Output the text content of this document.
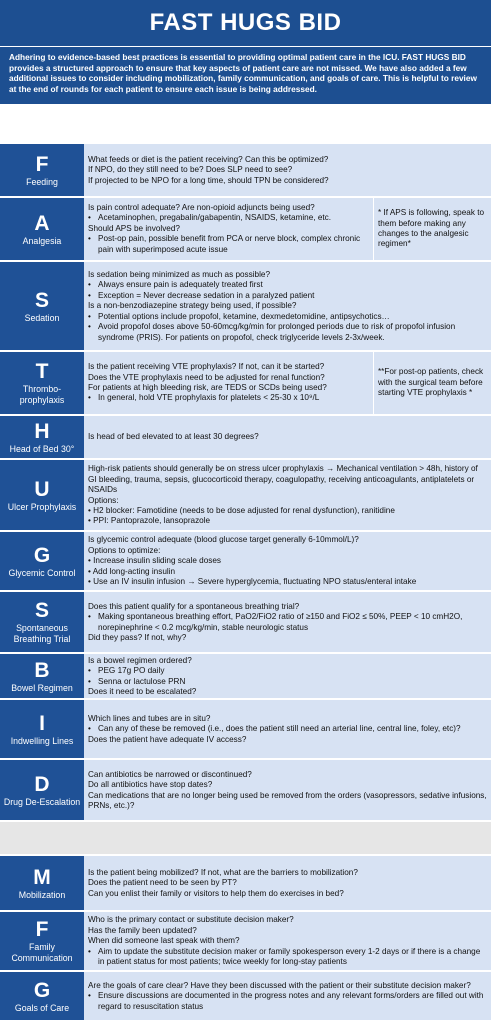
FAST HUGS BID
Adhering to evidence-based best practices is essential to providing optimal patient care in the ICU. FAST HUGS BID provides a structured approach to ensure that key aspects of patient care are not missed. We have also added a few additional issues to consider including mobilization, family communication, and goals of care. This is helpful to review at the end of rounds for each patient to ensure each issue is being addressed.
F
Feeding
What feeds or diet is the patient receiving? Can this be optimized?
If NPO, do they still need to be? Does SLP need to see?
If projected to be NPO for a long time, should TPN be considered?
A
Analgesia
Is pain control adequate? Are non-opioid adjuncts being used?
• Acetaminophen, pregabalin/gabapentin, NSAIDS, ketamine, etc.
Should APS be involved?
• Post-op pain, possible benefit from PCA or nerve block, complex chronic pain with superimposed acute issue
* If APS is following, speak to them before making any changes to the analgesic regimen*
S
Sedation
Is sedation being minimized as much as possible?
• Always ensure pain is adequately treated first
• Exception = Never decrease sedation in a paralyzed patient
Is a non-benzodiazepine strategy being used, if possible?
• Potential options include propofol, ketamine, dexmedetomidine, antipsychotics…
• Avoid propofol doses above 50-60mcg/kg/min for prolonged periods due to risk of propofol infusion syndrome (PRIS). For patients on propofol, check triglyceride levels 2-3x/week.
T
Thrombo-prophylaxis
Is the patient receiving VTE prophylaxis? If not, can it be started?
Does the VTE prophylaxis need to be adjusted for renal function?
For patients at high bleeding risk, are TEDS or SCDs being used?
• In general, hold VTE prophylaxis for platelets < 25-30 x 10⁹/L
**For post-op patients, check with the surgical team before starting VTE prophylaxis *
H
Head of Bed 30°
Is head of bed elevated to at least 30 degrees?
U
Ulcer Prophylaxis
High-risk patients should generally be on stress ulcer prophylaxis → Mechanical ventilation > 48h, history of GI bleeding, trauma, sepsis, glucocorticoid therapy, coagulopathy, receiving anticoagulants, antiplatelets or NSAIDs
Options:
• H2 blocker: Famotidine (needs to be dose adjusted for renal dysfunction), ranitidine
• PPI: Pantoprazole, lansoprazole
G
Glycemic Control
Is glycemic control adequate (blood glucose target generally 6-10mmol/L)?
Options to optimize:
• Increase insulin sliding scale doses
• Add long-acting insulin
• Use an IV insulin infusion → Severe hyperglycemia, fluctuating NPO status/enteral intake
S
Spontaneous Breathing Trial
Does this patient qualify for a spontaneous breathing trial?
• Making spontaneous breathing effort, PaO2/FiO2 ratio of ≥150 and FiO2 ≤ 50%, PEEP < 10 cmH2O, norepinephrine < 0.2 mcg/kg/min, stable neurologic status
Did they pass? If not, why?
B
Bowel Regimen
Is a bowel regimen ordered?
• PEG 17g PO daily
• Senna or lactulose PRN
Does it need to be escalated?
I
Indwelling Lines
Which lines and tubes are in situ?
• Can any of these be removed (i.e., does the patient still need an arterial line, central line, foley, etc)?
Does the patient have adequate IV access?
D
Drug De-Escalation
Can antibiotics be narrowed or discontinued?
Do all antibiotics have stop dates?
Can medications that are no longer being used be removed from the orders (vasopressors, sedative infusions, PRNs, etc.)?
M
Mobilization
Is the patient being mobilized? If not, what are the barriers to mobilization?
Does the patient need to be seen by PT?
Can you enlist their family or visitors to help them do exercises in bed?
F
Family Communication
Who is the primary contact or substitute decision maker?
Has the family been updated?
When did someone last speak with them?
• Aim to update the substitute decision maker or family spokesperson every 1-2 days or if there is a change in patient status for most patients; twice weekly for long-stay patients
G
Goals of Care
Are the goals of care clear? Have they been discussed with the patient or their substitute decision maker?
• Ensure discussions are documented in the progress notes and any relevant forms/orders are filled out with regard to resuscitation status
